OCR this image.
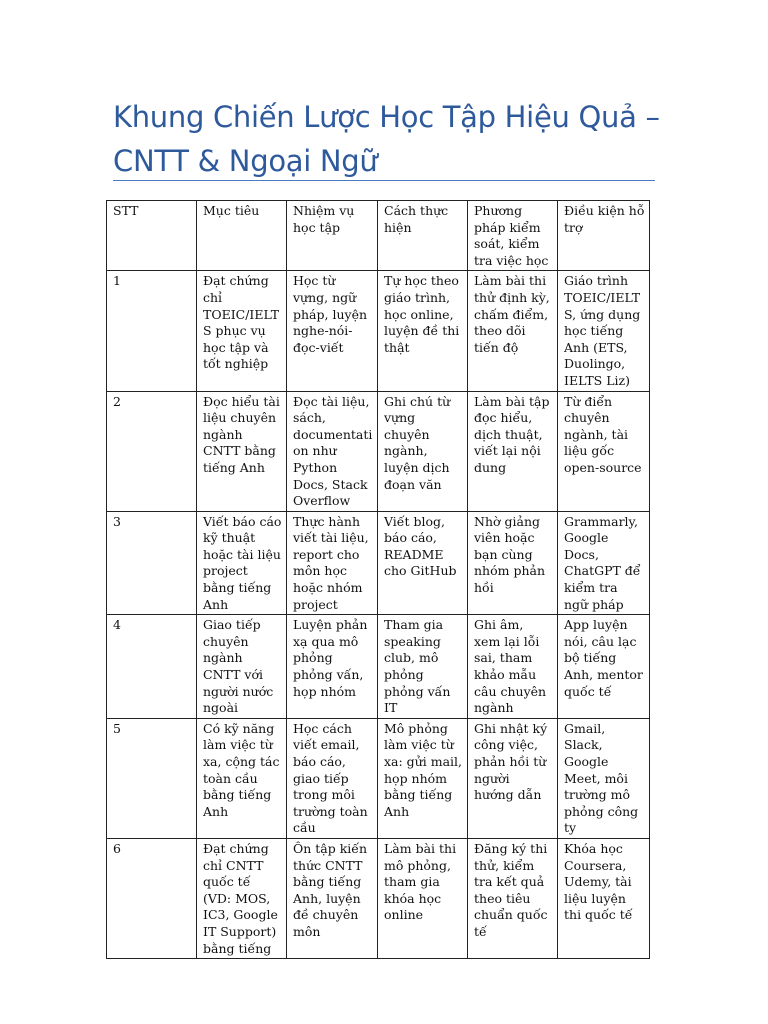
Khung Chiến Lược Học Tập Hiệu Quả – CNTT & Ngoại Ngữ
STT	Mục tiêu	Nhiệm vụ học tập	Cách thực hiện	Phương pháp kiểm soát, kiểm tra việc học	Điều kiện hỗ trợ
1	Đạt chứng chỉ TOEIC/IELTS phục vụ học tập và tốt nghiệp	Học từ vựng, ngữ pháp, luyện nghe-nói-đọc-viết	Tự học theo giáo trình, học online, luyện đề thi thật	Làm bài thi thử định kỳ, chấm điểm, theo dõi tiến độ	Giáo trình TOEIC/IELTS, ứng dụng học tiếng Anh (ETS, Duolingo, IELTS Liz)
2	Đọc hiểu tài liệu chuyên ngành CNTT bằng tiếng Anh	Đọc tài liệu, sách, documentation như Python Docs, Stack Overflow	Ghi chú từ vựng chuyên ngành, luyện dịch đoạn văn	Làm bài tập đọc hiểu, dịch thuật, viết lại nội dung	Từ điển chuyên ngành, tài liệu gốc open-source
3	Viết báo cáo kỹ thuật hoặc tài liệu project bằng tiếng Anh	Thực hành viết tài liệu, report cho môn học hoặc nhóm project	Viết blog, báo cáo, README cho GitHub	Nhờ giảng viên hoặc bạn cùng nhóm phản hồi	Grammarly, Google Docs, ChatGPT để kiểm tra ngữ pháp
4	Giao tiếp chuyên ngành CNTT với người nước ngoài	Luyện phản xạ qua mô phỏng phỏng vấn, họp nhóm	Tham gia speaking club, mô phỏng phỏng vấn IT	Ghi âm, xem lại lỗi sai, tham khảo mẫu câu chuyên ngành	App luyện nói, câu lạc bộ tiếng Anh, mentor quốc tế
5	Có kỹ năng làm việc từ xa, cộng tác toàn cầu bằng tiếng Anh	Học cách viết email, báo cáo, giao tiếp trong môi trường toàn cầu	Mô phỏng làm việc từ xa: gửi mail, họp nhóm bằng tiếng Anh	Ghi nhật ký công việc, phản hồi từ người hướng dẫn	Gmail, Slack, Google Meet, môi trường mô phỏng công ty
6	Đạt chứng chỉ CNTT quốc tế (VD: MOS, IC3, Google IT Support) bằng tiếng	Ôn tập kiến thức CNTT bằng tiếng Anh, luyện đề chuyên môn	Làm bài thi mô phỏng, tham gia khóa học online	Đăng ký thi thử, kiểm tra kết quả theo tiêu chuẩn quốc tế	Khóa học Coursera, Udemy, tài liệu luyện thi quốc tế
